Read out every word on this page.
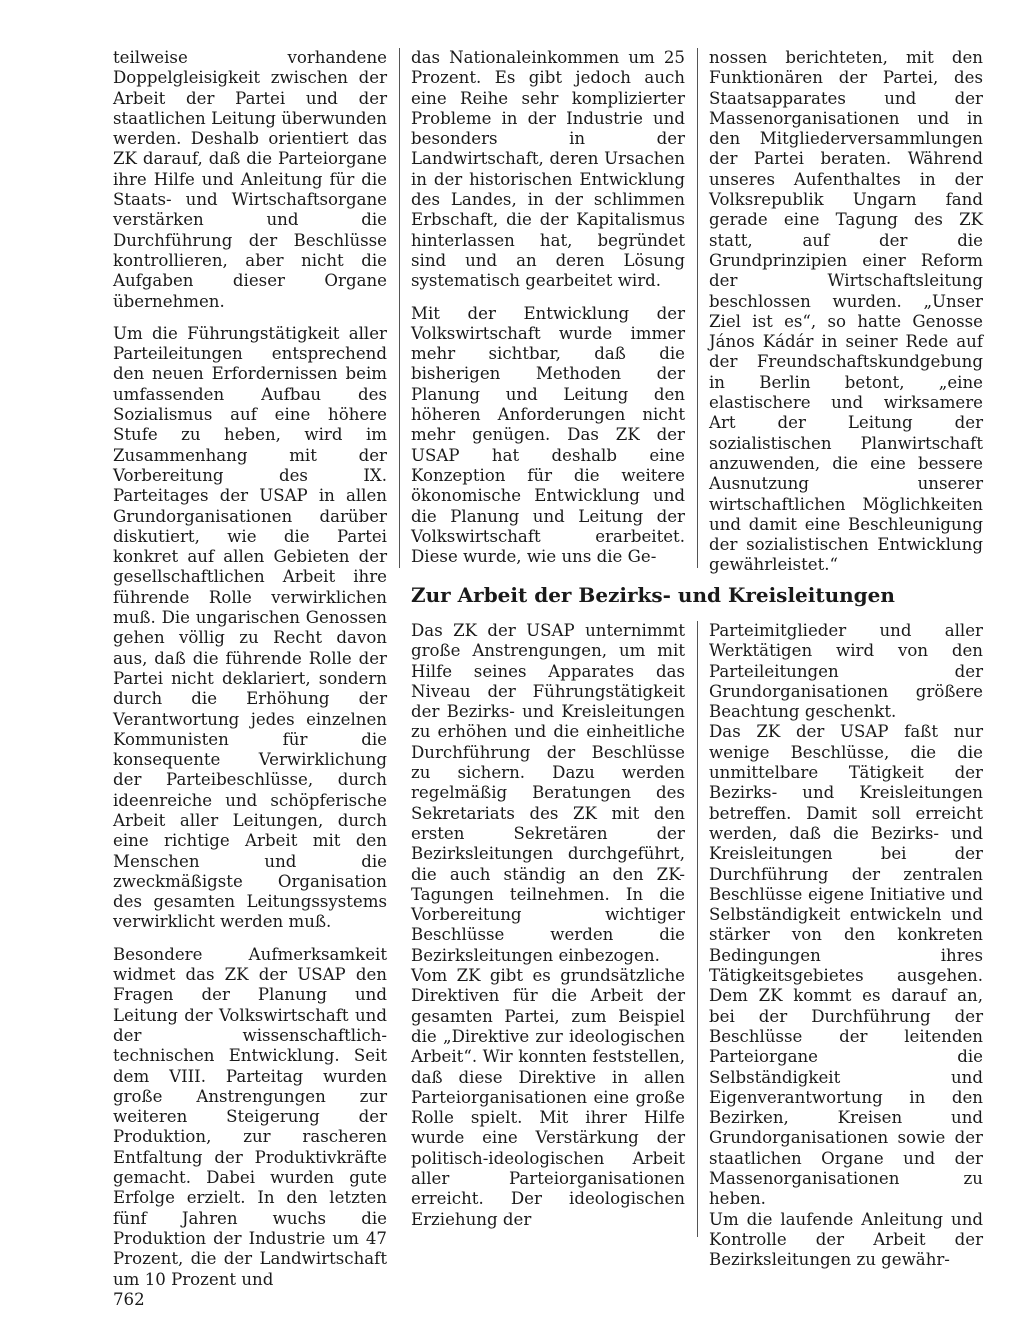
teilweise vorhandene Doppelgleisigkeit zwischen der Arbeit der Partei und der staatlichen Leitung überwunden werden. Deshalb orientiert das ZK darauf, daß die Parteiorgane ihre Hilfe und Anleitung für die Staats- und Wirtschaftsorgane verstärken und die Durchführung der Beschlüsse kontrollieren, aber nicht die Aufgaben dieser Organe übernehmen.

Um die Führungstätigkeit aller Parteileitungen entsprechend den neuen Erfordernissen beim umfassenden Aufbau des Sozialismus auf eine höhere Stufe zu heben, wird im Zusammenhang mit der Vorbereitung des IX. Parteitages der USAP in allen Grundorganisationen darüber diskutiert, wie die Partei konkret auf allen Gebieten der gesellschaftlichen Arbeit ihre führende Rolle verwirklichen muß. Die ungarischen Genossen gehen völlig zu Recht davon aus, daß die führende Rolle der Partei nicht deklariert, sondern durch die Erhöhung der Verantwortung jedes einzelnen Kommunisten für die konsequente Verwirklichung der Parteibeschlüsse, durch ideenreiche und schöpferische Arbeit aller Leitungen, durch eine richtige Arbeit mit den Menschen und die zweckmäßigste Organisation des gesamten Leitungssystems verwirklicht werden muß.

Besondere Aufmerksamkeit widmet das ZK der USAP den Fragen der Planung und Leitung der Volkswirtschaft und der wissenschaftlich-technischen Entwicklung. Seit dem VIII. Parteitag wurden große Anstrengungen zur weiteren Steigerung der Produktion, zur rascheren Entfaltung der Produktivkräfte gemacht. Dabei wurden gute Erfolge erzielt. In den letzten fünf Jahren wuchs die Produktion der Industrie um 47 Prozent, die der Landwirtschaft um 10 Prozent und

das Nationaleinkommen um 25 Prozent. Es gibt jedoch auch eine Reihe sehr komplizierter Probleme in der Industrie und besonders in der Landwirtschaft, deren Ursachen in der historischen Entwicklung des Landes, in der schlimmen Erbschaft, die der Kapitalismus hinterlassen hat, begründet sind und an deren Lösung systematisch gearbeitet wird.

Mit der Entwicklung der Volkswirtschaft wurde immer mehr sichtbar, daß die bisherigen Methoden der Planung und Leitung den höheren Anforderungen nicht mehr genügen. Das ZK der USAP hat deshalb eine Konzeption für die weitere ökonomische Entwicklung und die Planung und Leitung der Volkswirtschaft erarbeitet. Diese wurde, wie uns die Ge-

nossen berichteten, mit den Funktionären der Partei, des Staatsapparates und der Massenorganisationen und in den Mitgliederversammlungen der Partei beraten. Während unseres Aufenthaltes in der Volksrepublik Ungarn fand gerade eine Tagung des ZK statt, auf der die Grundprinzipien einer Reform der Wirtschaftsleitung beschlossen wurden. „Unser Ziel ist es“, so hatte Genosse János Kádár in seiner Rede auf der Freundschaftskundgebung in Berlin betont, „eine elastischere und wirksamere Art der Leitung der sozialistischen Planwirtschaft anzuwenden, die eine bessere Ausnutzung unserer wirtschaftlichen Möglichkeiten und damit eine Beschleunigung der sozialistischen Entwicklung gewährleistet.“

Zur Arbeit der Bezirks- und Kreisleitungen

Das ZK der USAP unternimmt große Anstrengungen, um mit Hilfe seines Apparates das Niveau der Führungstätigkeit der Bezirks- und Kreisleitungen zu erhöhen und die einheitliche Durchführung der Beschlüsse zu sichern. Dazu werden regelmäßig Beratungen des Sekretariats des ZK mit den ersten Sekretären der Bezirksleitungen durchgeführt, die auch ständig an den ZK-Tagungen teilnehmen. In die Vorbereitung wichtiger Beschlüsse werden die Bezirksleitungen einbezogen.

Vom ZK gibt es grundsätzliche Direktiven für die Arbeit der gesamten Partei, zum Beispiel die „Direktive zur ideologischen Arbeit“. Wir konnten feststellen, daß diese Direktive in allen Parteiorganisationen eine große Rolle spielt. Mit ihrer Hilfe wurde eine Verstärkung der politisch-ideologischen Arbeit aller Parteiorganisationen erreicht. Der ideologischen Erziehung der

Parteimitglieder und aller Werktätigen wird von den Parteileitungen der Grundorganisationen größere Beachtung geschenkt.

Das ZK der USAP faßt nur wenige Beschlüsse, die die unmittelbare Tätigkeit der Bezirks- und Kreisleitungen betreffen. Damit soll erreicht werden, daß die Bezirks- und Kreisleitungen bei der Durchführung der zentralen Beschlüsse eigene Initiative und Selbständigkeit entwickeln und stärker von den konkreten Bedingungen ihres Tätigkeitsgebietes ausgehen. Dem ZK kommt es darauf an, bei der Durchführung der Beschlüsse der leitenden Parteiorgane die Selbständigkeit und Eigenverantwortung in den Bezirken, Kreisen und Grundorganisationen sowie der staatlichen Organe und der Massenorganisationen zu heben.

Um die laufende Anleitung und Kontrolle der Arbeit der Bezirksleitungen zu gewähr-

762
